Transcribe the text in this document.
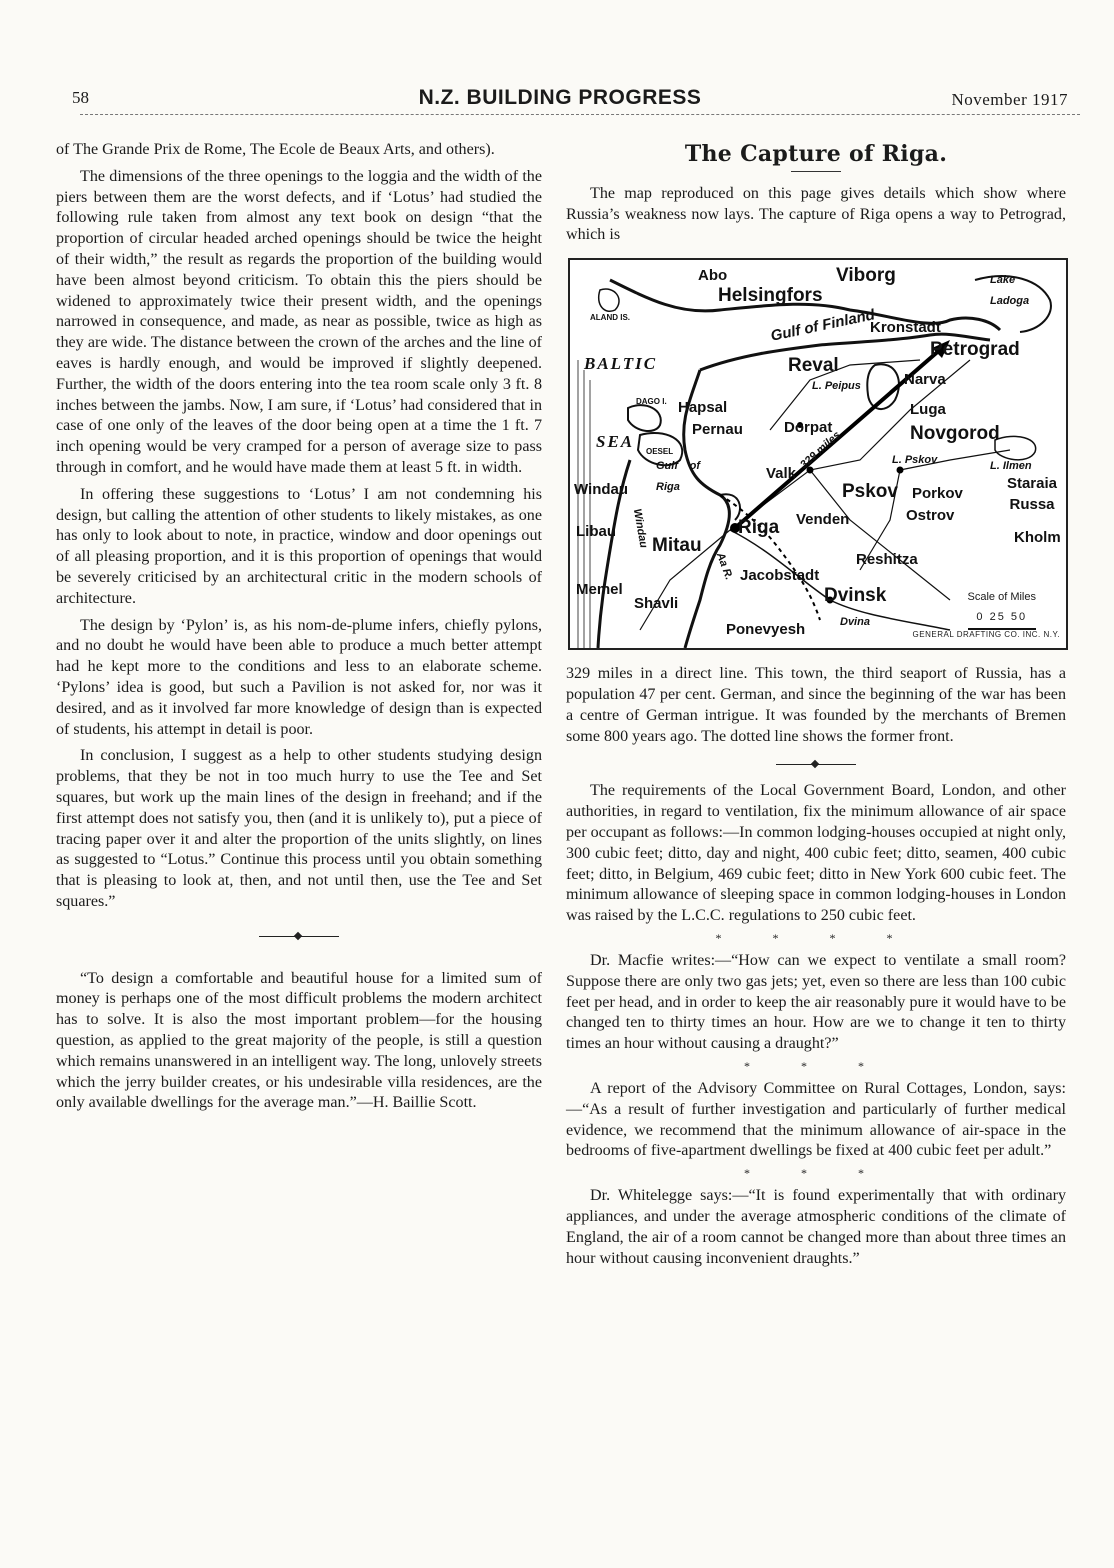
58	N.Z. BUILDING PROGRESS	November 1917

of The Grande Prix de Rome, The Ecole de Beaux Arts, and others).

The dimensions of the three openings to the loggia and the width of the piers between them are the worst defects, and if ‘Lotus’ had studied the following rule taken from almost any text book on design “that the proportion of circular headed arched openings should be twice the height of their width,” the result as regards the proportion of the building would have been almost beyond criticism. To obtain this the piers should be widened to approximately twice their present width, and the openings narrowed in consequence, and made, as near as possible, twice as high as they are wide. The distance between the crown of the arches and the line of eaves is hardly enough, and would be improved if slightly deepened. Further, the width of the doors entering into the tea room scale only 3 ft. 8 inches between the jambs. Now, I am sure, if ‘Lotus’ had considered that in case of one only of the leaves of the door being open at a time the 1 ft. 7 inch opening would be very cramped for a person of average size to pass through in comfort, and he would have made them at least 5 ft. in width.

In offering these suggestions to ‘Lotus’ I am not condemning his design, but calling the attention of other students to likely mistakes, as one has only to look about to note, in practice, window and door openings out of all pleasing proportion, and it is this proportion of openings that would be severely criticised by an architectural critic in the modern schools of architecture.

The design by ‘Pylon’ is, as his nom-de-plume infers, chiefly pylons, and no doubt he would have been able to produce a much better attempt had he kept more to the conditions and less to an elaborate scheme. ‘Pylons’ idea is good, but such a Pavilion is not asked for, nor was it desired, and as it involved far more knowledge of design than is expected of students, his attempt in detail is poor.

In conclusion, I suggest as a help to other students studying design problems, that they be not in too much hurry to use the Tee and Set squares, but work up the main lines of the design in freehand; and if the first attempt does not satisfy you, then (and it is unlikely to), put a piece of tracing paper over it and alter the proportion of the units slightly, on lines as suggested to “Lotus.” Continue this process until you obtain something that is pleasing to look at, then, and not until then, use the Tee and Set squares.”

“To design a comfortable and beautiful house for a limited sum of money is perhaps one of the most difficult problems the modern architect has to solve. It is also the most important problem—for the housing question, as applied to the great majority of the people, is still a question which remains unanswered in an intelligent way. The long, unlovely streets which the jerry builder creates, or his undesirable villa residences, are the only available dwellings for the average man.”—H. Baillie Scott.

The Capture of Riga.

The map reproduced on this page gives details which show where Russia’s weakness now lays. The capture of Riga opens a way to Petrograd, which is

Abo	Viborg	Lake Ladoga
ALAND IS.
Helsingfors
Gulf of Finland
Kronstadt
Petrograd
BALTIC	Reval
L. Peipus	Narva
DAGO I. Hapsal	Luga
OESEL
SEA
Pernau	Dorpat
329 miles	Novgorod
Gulf of Riga
L. Pskov	L. Ilmen
Valk
Pskov Porkov
Staraia Russa
Windau
Windau	Ostrov
Venden
Libau
Mitau
Riga	Kholm
Reshitza
Aa R. Jacobstadt
Memel
Shavli	Dvinsk
Dvina
Ponevyesh
Scale of Miles
0 25 50
GENERAL DRAFTING CO. INC. N.Y.

329 miles in a direct line. This town, the third seaport of Russia, has a population 47 per cent. German, and since the beginning of the war has been a centre of German intrigue. It was founded by the merchants of Bremen some 800 years ago. The dotted line shows the former front.

The requirements of the Local Government Board, London, and other authorities, in regard to ventilation, fix the minimum allowance of air space per occupant as follows:—In common lodging-houses occupied at night only, 300 cubic feet; ditto, day and night, 400 cubic feet; ditto, seamen, 400 cubic feet; ditto, in Belgium, 469 cubic feet; ditto in New York 600 cubic feet. The minimum allowance of sleeping space in common lodging-houses in London was raised by the L.C.C. regulations to 250 cubic feet.

* * * *

Dr. Macfie writes:—“How can we expect to ventilate a small room? Suppose there are only two gas jets; yet, even so there are less than 100 cubic feet per head, and in order to keep the air reasonably pure it would have to be changed ten to thirty times an hour. How are we to change it ten to thirty times an hour without causing a draught?”

* * *

A report of the Advisory Committee on Rural Cottages, London, says:—“As a result of further investigation and particularly of further medical evidence, we recommend that the minimum allowance of air-space in the bedrooms of five-apartment dwellings be fixed at 400 cubic feet per adult.”

* * *

Dr. Whitelegge says:—“It is found experimentally that with ordinary appliances, and under the average atmospheric conditions of the climate of England, the air of a room cannot be changed more than about three times an hour without causing inconvenient draughts.”
